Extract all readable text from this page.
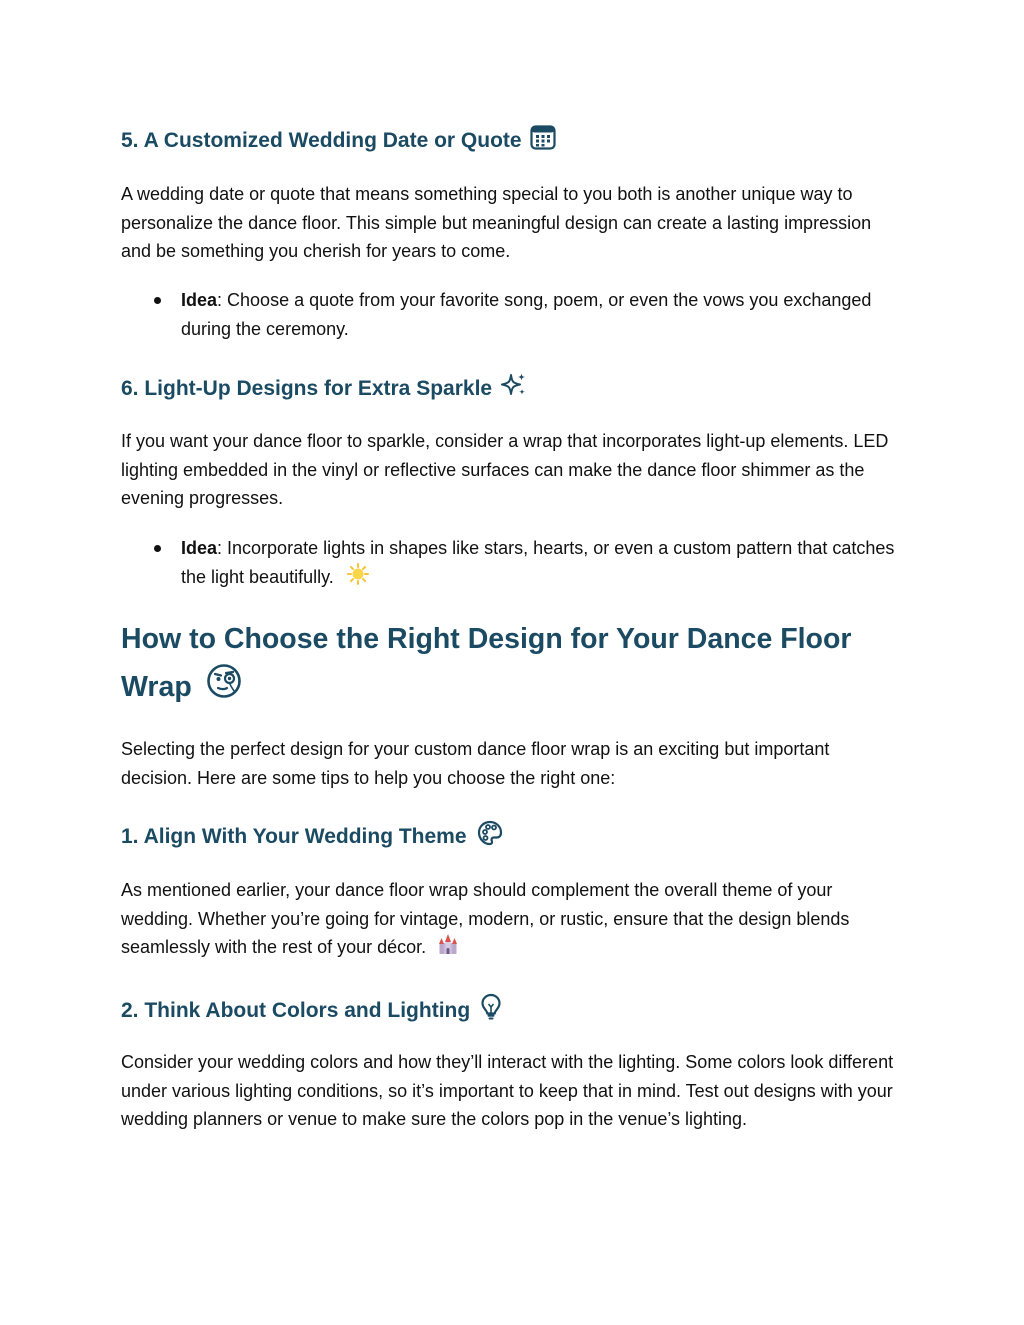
5. A Customized Wedding Date or Quote

A wedding date or quote that means something special to you both is another unique way to personalize the dance floor. This simple but meaningful design can create a lasting impression and be something you cherish for years to come.

Idea: Choose a quote from your favorite song, poem, or even the vows you exchanged during the ceremony.
6. Light-Up Designs for Extra Sparkle

If you want your dance floor to sparkle, consider a wrap that incorporates light-up elements. LED lighting embedded in the vinyl or reflective surfaces can make the dance floor shimmer as the evening progresses.

Idea: Incorporate lights in shapes like stars, hearts, or even a custom pattern that catches the light beautifully.
How to Choose the Right Design for Your Dance Floor Wrap

Selecting the perfect design for your custom dance floor wrap is an exciting but important decision. Here are some tips to help you choose the right one:

1. Align With Your Wedding Theme

As mentioned earlier, your dance floor wrap should complement the overall theme of your wedding. Whether you’re going for vintage, modern, or rustic, ensure that the design blends seamlessly with the rest of your décor.

2. Think About Colors and Lighting

Consider your wedding colors and how they’ll interact with the lighting. Some colors look different under various lighting conditions, so it’s important to keep that in mind. Test out designs with your wedding planners or venue to make sure the colors pop in the venue’s lighting.
